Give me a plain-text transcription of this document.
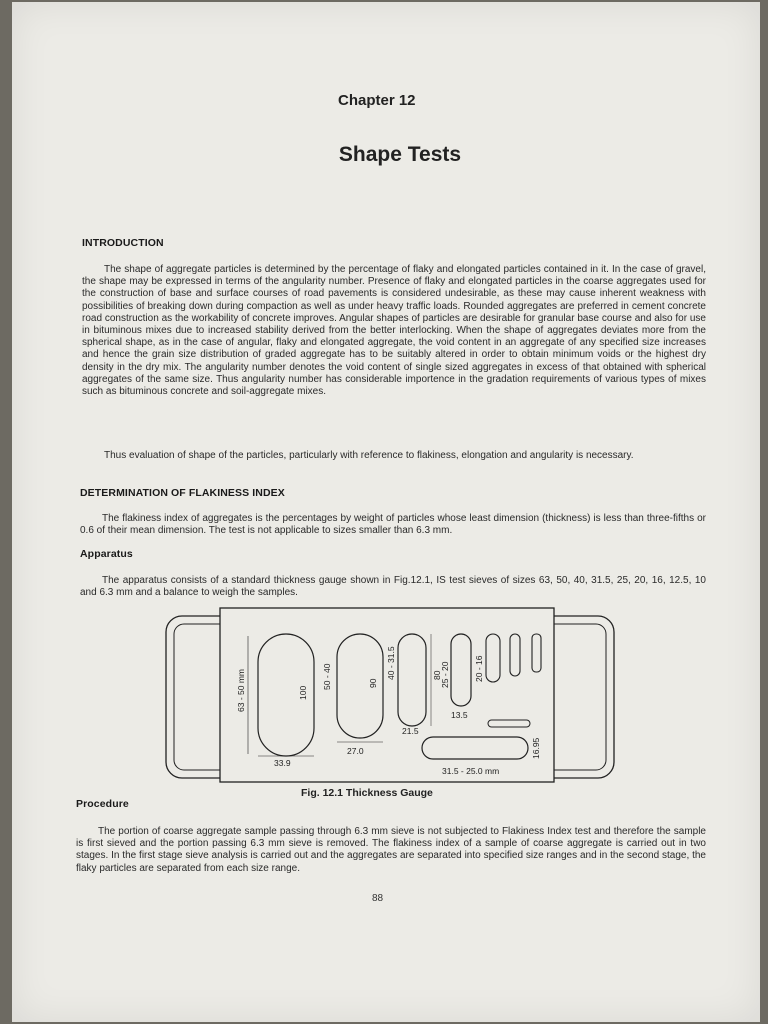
Chapter 12
Shape Tests
INTRODUCTION
The shape of aggregate particles is determined by the percentage of flaky and elongated particles contained in it. In the case of gravel, the shape may be expressed in terms of the angularity number. Presence of flaky and elongated particles in the coarse aggregates used for the construction of base and surface courses of road pavements is considered undesirable, as these may cause inherent weakness with possibilities of breaking down during compaction as well as under heavy traffic loads. Rounded aggregates are preferred in cement concrete road construction as the workability of concrete improves. Angular shapes of particles are desirable for granular base course and also for use in bituminous mixes due to increased stability derived from the better interlocking. When the shape of aggregates deviates more from the spherical shape, as in the case of angular, flaky and elongated aggregate, the void content in an aggregate of any specified size increases and hence the grain size distribution of graded aggregate has to be suitably altered in order to obtain minimum voids or the highest dry density in the dry mix. The angularity number denotes the void content of single sized aggregates in excess of that obtained with spherical aggregates of the same size. Thus angularity number has considerable importence in the gradation requirements of various types of mixes such as bituminous concrete and soil-aggregate mixes.
Thus evaluation of shape of the particles, particularly with reference to flakiness, elongation and angularity is necessary.
DETERMINATION OF FLAKINESS INDEX
The flakiness index of aggregates is the percentages by weight of particles whose least dimension (thickness) is less than three-fifths or 0.6 of their mean dimension. The test is not applicable to sizes smaller than 6.3 mm.
Apparatus
The apparatus consists of a standard thickness gauge shown in Fig.12.1, IS test sieves of sizes 63, 50, 40, 31.5, 25, 20, 16, 12.5, 10 and 6.3 mm and a balance to weigh the samples.
63 - 50 mm	100
33.9
50 - 40	90
27.0
40 - 31.5	80
21.5
25 - 20
13.5
20 - 16
16.95
31.5 - 25.0 mm
Fig. 12.1 Thickness Gauge
Procedure
The portion of coarse aggregate sample passing through 6.3 mm sieve is not subjected to Flakiness Index test and therefore the sample is first sieved and the portion passing 6.3 mm sieve is removed. The flakiness index of a sample of coarse aggregate is carried out in two stages. In the first stage sieve analysis is carried out and the aggregates are separated into specified size ranges and in the second stage, the flaky particles are separated from each size range.
88
